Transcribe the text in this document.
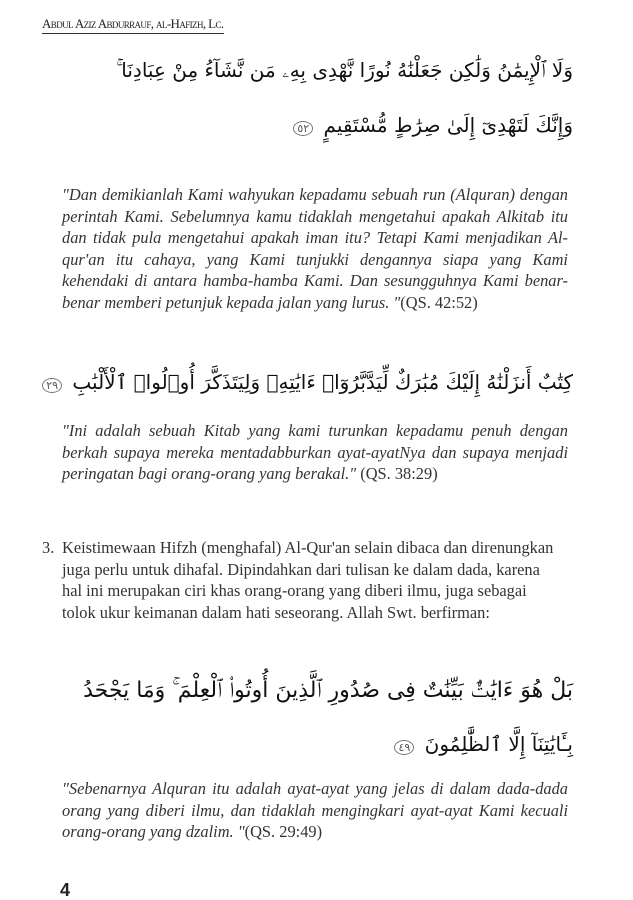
Abdul Aziz Abdurrauf, al-Hafizh, Lc.
وَلَا ٱلْإِيمَٰنُ وَلَٰكِن جَعَلْنَٰهُ نُورًا نَّهْدِى بِهِۦ مَن نَّشَآءُ مِنْ عِبَادِنَا ۚ
وَإِنَّكَ لَتَهْدِىٓ إِلَىٰ صِرَٰطٍ مُّسْتَقِيمٍ ٥٢
"Dan demikianlah Kami wahyukan kepadamu sebuah run (Alquran) dengan perintah Kami. Sebelumnya kamu tidaklah mengetahui apakah Alkitab itu dan tidak pula mengetahui apakah iman itu? Tetapi Kami menjadikan Al-qur'an itu cahaya, yang Kami tunjukki dengannya siapa yang Kami kehendaki di antara hamba-hamba Kami. Dan sesungguhnya Kami benar-benar memberi petunjuk kepada jalan yang lurus. "(QS. 42:52)
كِتَٰبٌ أَنزَلْنَٰهُ إِلَيْكَ مُبَٰرَكٌ لِّيَدَّبَّرُوٓا۟ ءَايَٰتِهِۦ وَلِيَتَذَكَّرَ أُو۟لُوا۟ ٱلْأَلْبَٰبِ ٢٩
"Ini adalah sebuah Kitab yang kami turunkan kepadamu penuh dengan berkah supaya mereka mentadabburkan ayat-ayatNya dan supaya menjadi peringatan bagi orang-orang yang berakal." (QS. 38:29)
3. Keistimewaan Hifzh (menghafal) Al-Qur'an selain dibaca dan direnungkan juga perlu untuk dihafal. Dipindahkan dari tulisan ke dalam dada, karena hal ini merupakan ciri khas orang-orang yang diberi ilmu, juga sebagai tolok ukur keimanan dalam hati seseorang. Allah Swt. berfirman:
بَلْ هُوَ ءَايَٰتٌۢ بَيِّنَٰتٌ فِى صُدُورِ ٱلَّذِينَ أُوتُوا۟ ٱلْعِلْمَ ۚ وَمَا يَجْحَدُ
بِـَٔايَٰتِنَآ إِلَّا ٱلظَّٰلِمُونَ ٤٩
"Sebenarnya Alquran itu adalah ayat-ayat yang jelas di dalam dada-dada orang yang diberi ilmu, dan tidaklah mengingkari ayat-ayat Kami kecuali orang-orang yang dzalim. "(QS. 29:49)
4
